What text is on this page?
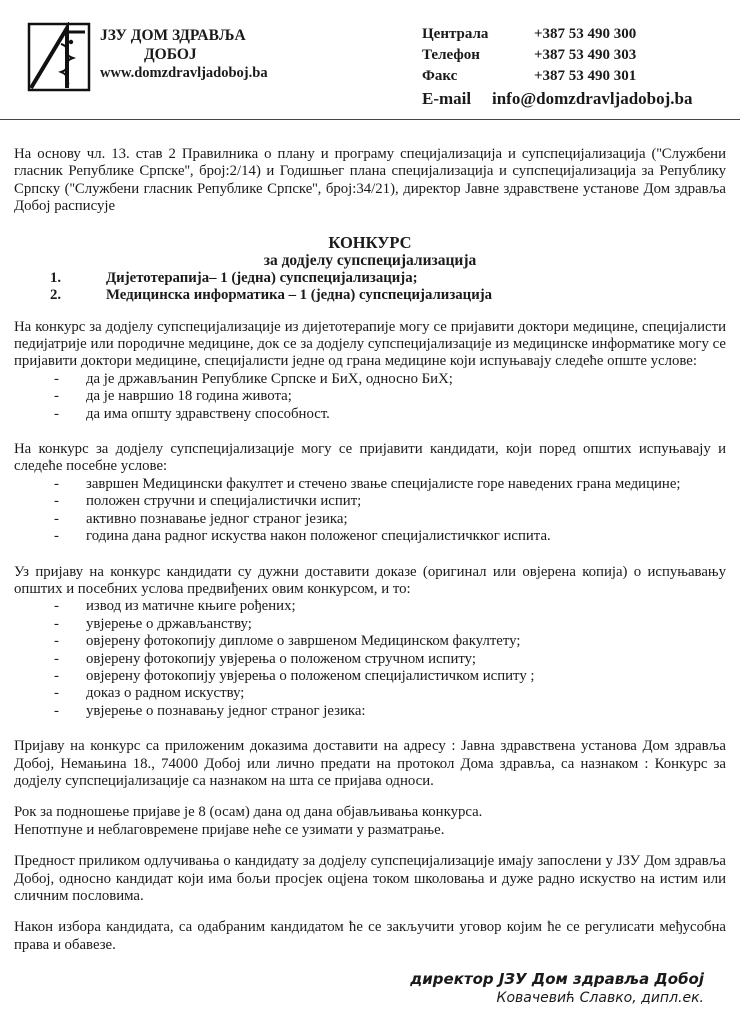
ЈЗУ ДОМ ЗДРАВЉА
ДОБОЈ
www.domzdravljadoboj.ba
Централа	+387 53 490 300
Телефон	+387 53 490 303
Факс	+387 53 490 301
E-mail	info@domzdravljadoboj.ba
На основу чл. 13. став 2 Правилника о плану и програму специјализација и супспецијализација (''Службени гласник Републике Српске'', број:2/14) и Годишњег плана специјализација и супспецијализација за Републику Српску (''Службени гласник Републике Српске'', број:34/21), директор Јавне здравствене установе Дом здравља Добој расписује
КОНКУРС
за додјелу супспецијализација
1.	Дијетотерапија– 1 (једна) супспецијализација;
2.	Медицинска информатика – 1 (једна) супспецијализација
На конкурс за додјелу супспецијализације из дијетотерапије могу се пријавити доктори медицине, специјалисти педијатрије или породичне медицине, док се за додјелу супспецијализације из медицинске информатике могу се пријавити доктори медицине, специјалисти једне од грана медицине који испуњавају следеће опште услове:
-	да је држављанин Републике Српске и БиХ, односно БиХ;
-	да је навршио 18 година живота;
-	да има општу здравствену способност.
На конкурс за додјелу супспецијализације могу се пријавити кандидати, који поред општих испуњавају и следеће посебне услове:
-	завршен Медицински факултет и стечено звање специјалисте горе наведених грана медицине;
-	положен стручни и специјалистички испит;
-	активно познавање једног страног језика;
-	година дана радног искуства након положеног специјалистичкког испита.
Уз пријаву на конкурс кандидати су дужни доставити доказе (оригинал или овјерена копија) о испуњавању општих и посебних услова предвиђених овим конкурсом, и то:
-	извод из матичне књиге рођених;
-	увјерење о држављанству;
-	овјерену фотокопију дипломе о завршеном Медицинском факултету;
-	овјерену фотокопију увјерења о положеном стручном испиту;
-	овјерену фотокопију увјерења о положеном специјалистичком испиту ;
-	доказ о радном искуству;
-	увјерење о познавању једног страног језика:
Пријаву на конкурс са приложеним доказима доставити на адресу : Јавна здравствена установа Дом здравља Добој, Немањина 18., 74000 Добој или лично предати на протокол Дома здравља, са назнаком : Конкурс за додјелу супспецијализације са назнаком на шта се пријава односи.
Рок за подношење пријаве је 8 (осам) дана од дана објављивања конкурса.
Непотпуне и неблаговремене пријаве неће се узимати у разматрање.
Предност приликом одлучивања о кандидату за додјелу супспецијализације имају запослени у ЈЗУ Дом здравља Добој, односно кандидат који има бољи просјек оцјена током школовања и дуже радно искуство на истим или сличним пословима.
Након избора кандидата, са одабраним кандидатом ће се закључити уговор којим ће се регулисати међусобна права и обавезе.
директор ЈЗУ Дом здравља Добој
Ковачевић Славко, дипл.ек.
